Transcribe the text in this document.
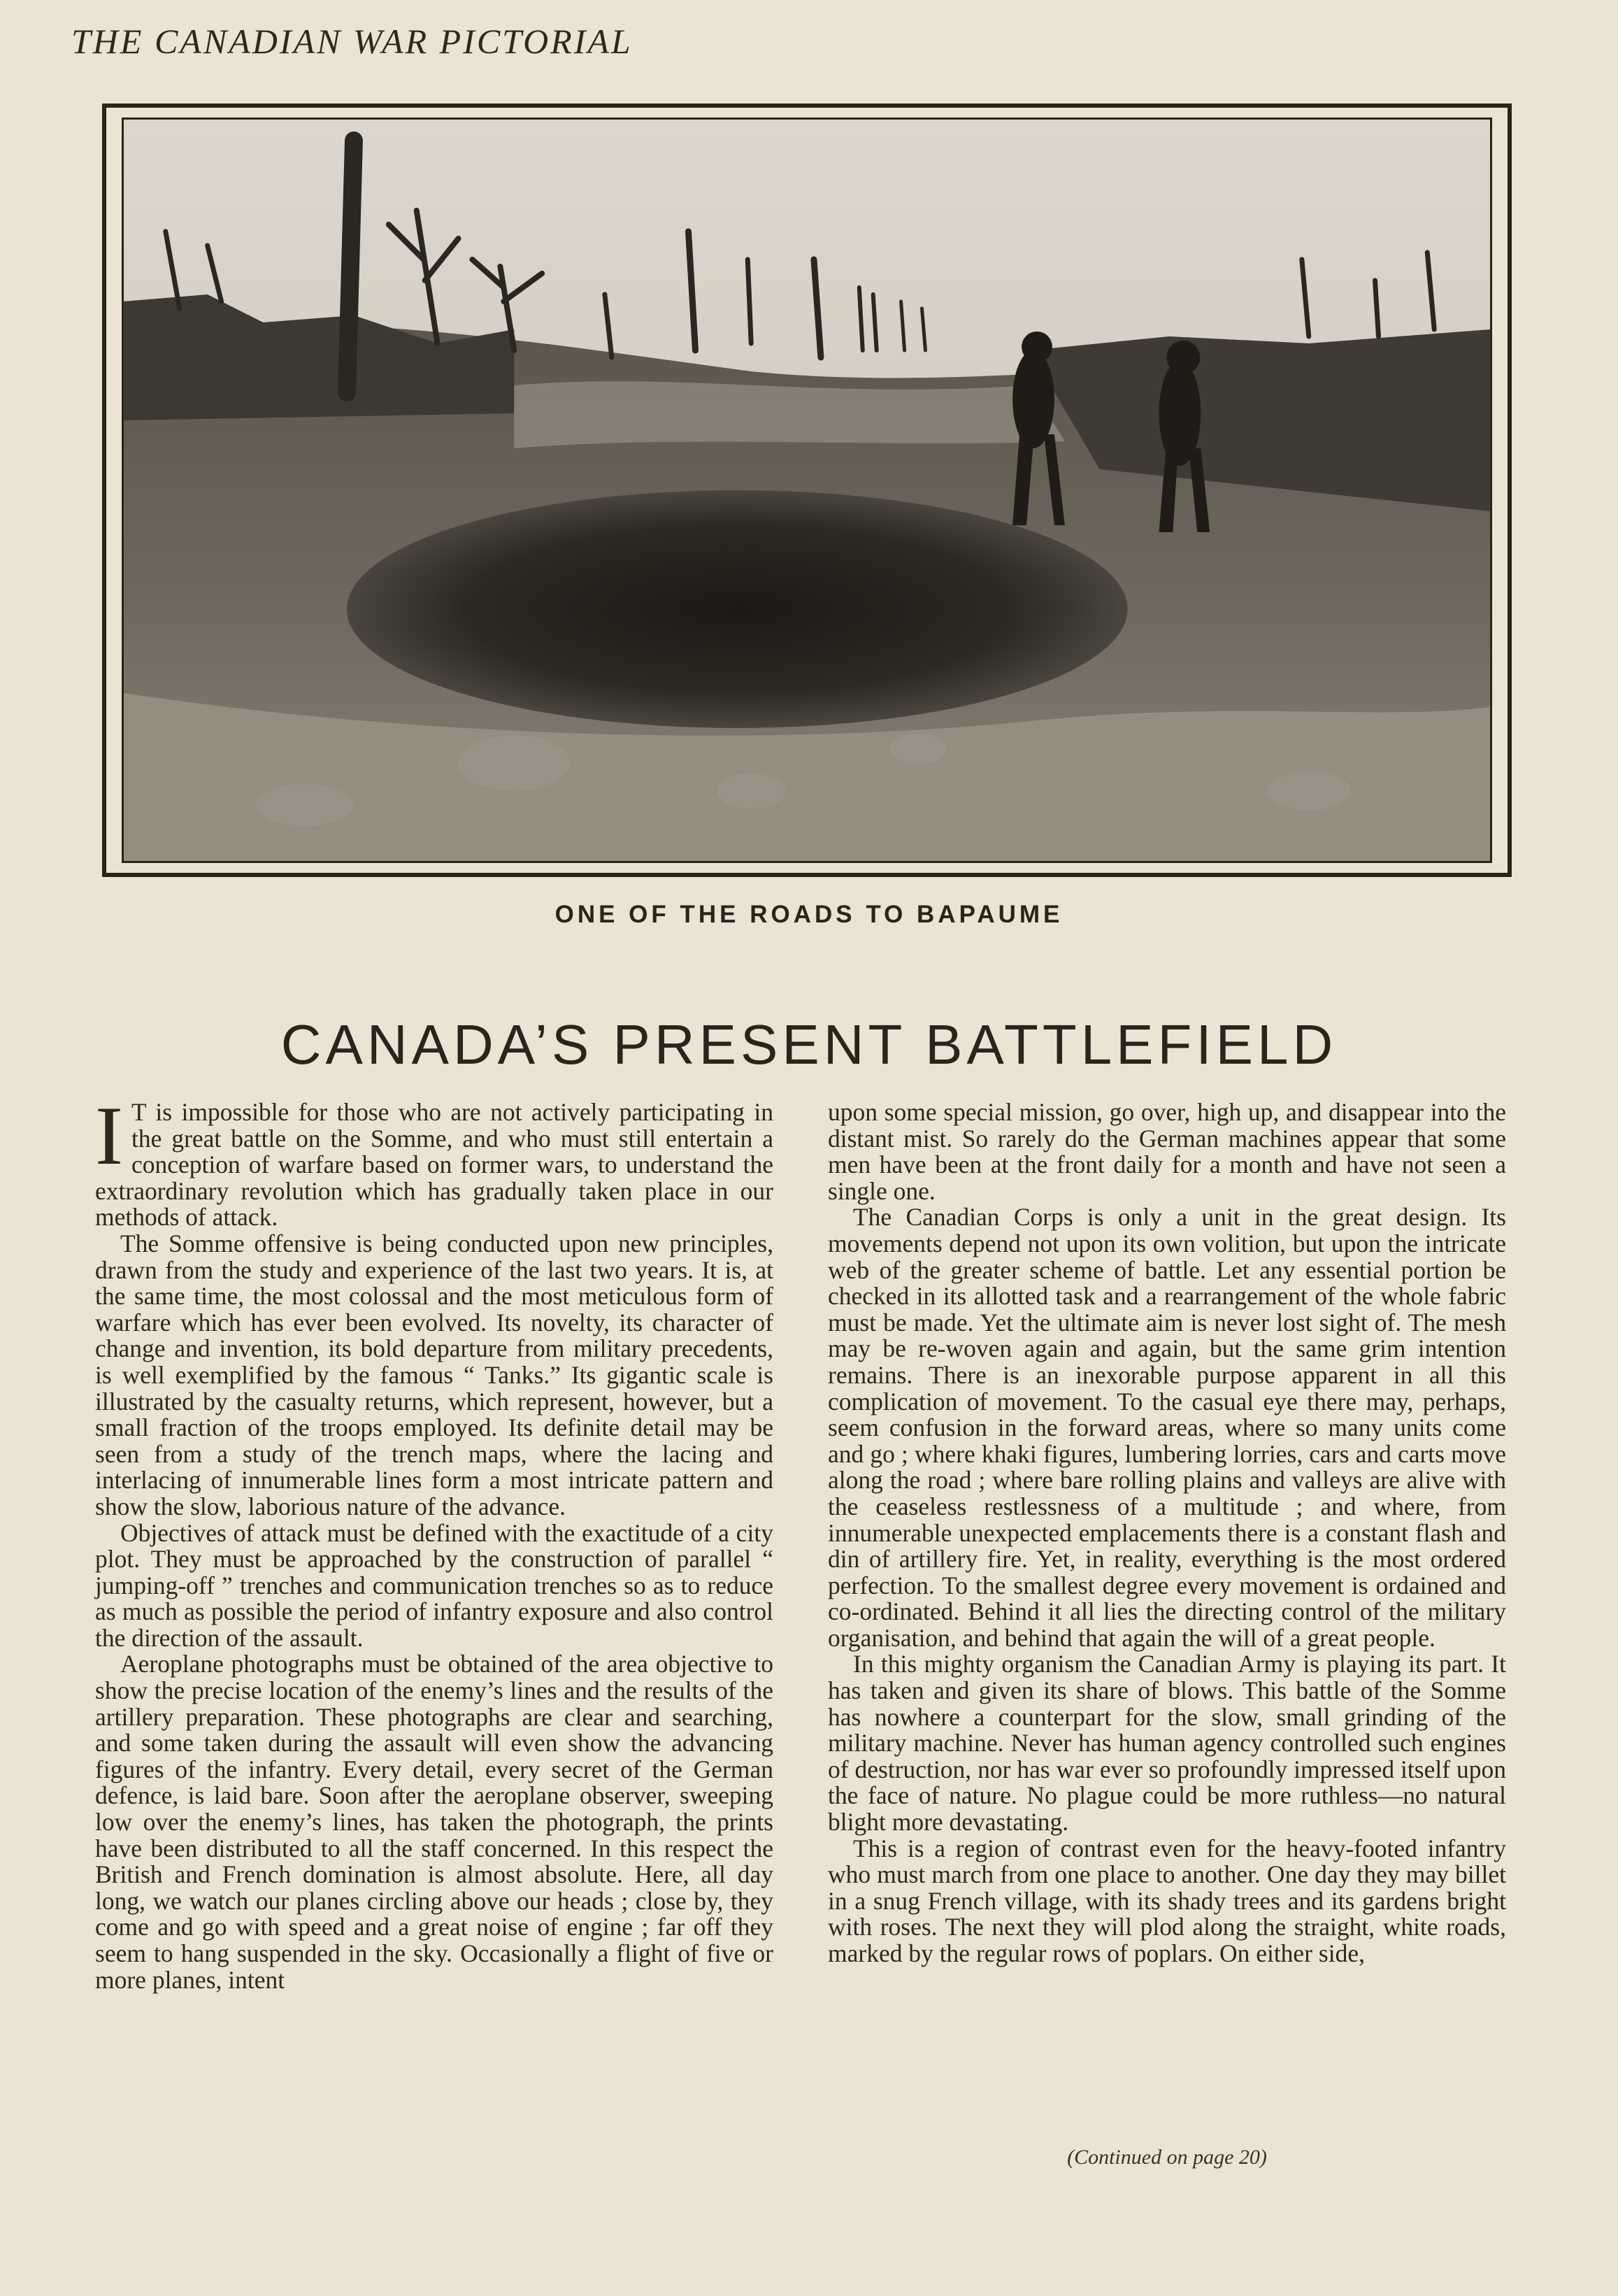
THE CANADIAN WAR PICTORIAL
ONE OF THE ROADS TO BAPAUME
CANADA’S PRESENT BATTLEFIELD

I T is impossible for those who are not actively participating in the great battle on the Somme, and who must still entertain a conception of warfare based on former wars, to understand the extraordinary revolution which has gradually taken place in our methods of attack.

The Somme offensive is being conducted upon new principles, drawn from the study and experience of the last two years. It is, at the same time, the most colossal and the most meticulous form of warfare which has ever been evolved. Its novelty, its character of change and invention, its bold departure from military precedents, is well exemplified by the famous “ Tanks.” Its gigantic scale is illustrated by the casualty returns, which represent, however, but a small fraction of the troops employed. Its definite detail may be seen from a study of the trench maps, where the lacing and interlacing of innumerable lines form a most intricate pattern and show the slow, laborious nature of the advance.

Objectives of attack must be defined with the exactitude of a city plot. They must be approached by the construction of parallel “ jumping-off ” trenches and communication trenches so as to reduce as much as possible the period of infantry exposure and also control the direction of the assault.

Aeroplane photographs must be obtained of the area objective to show the precise location of the enemy’s lines and the results of the artillery preparation. These photographs are clear and searching, and some taken during the assault will even show the advancing figures of the infantry. Every detail, every secret of the German defence, is laid bare. Soon after the aeroplane observer, sweeping low over the enemy’s lines, has taken the photograph, the prints have been distributed to all the staff concerned. In this respect the British and French domination is almost absolute. Here, all day long, we watch our planes circling above our heads ; close by, they come and go with speed and a great noise of engine ; far off they seem to hang suspended in the sky. Occasionally a flight of five or more planes, intent

upon some special mission, go over, high up, and disappear into the distant mist. So rarely do the German machines appear that some men have been at the front daily for a month and have not seen a single one.

The Canadian Corps is only a unit in the great design. Its movements depend not upon its own volition, but upon the intricate web of the greater scheme of battle. Let any essential portion be checked in its allotted task and a rearrangement of the whole fabric must be made. Yet the ultimate aim is never lost sight of. The mesh may be re-woven again and again, but the same grim intention remains. There is an inexorable purpose apparent in all this complication of movement. To the casual eye there may, perhaps, seem confusion in the forward areas, where so many units come and go ; where khaki figures, lumbering lorries, cars and carts move along the road ; where bare rolling plains and valleys are alive with the ceaseless restlessness of a multitude ; and where, from innumerable unexpected emplacements there is a constant flash and din of artillery fire. Yet, in reality, everything is the most ordered perfection. To the smallest degree every movement is ordained and co-ordinated. Behind it all lies the directing control of the military organisation, and behind that again the will of a great people.

In this mighty organism the Canadian Army is playing its part. It has taken and given its share of blows. This battle of the Somme has nowhere a counterpart for the slow, small grinding of the military machine. Never has human agency controlled such engines of destruction, nor has war ever so profoundly impressed itself upon the face of nature. No plague could be more ruthless—no natural blight more devastating.

This is a region of contrast even for the heavy-footed infantry who must march from one place to another. One day they may billet in a snug French village, with its shady trees and its gardens bright with roses. The next they will plod along the straight, white roads, marked by the regular rows of poplars. On either side,

(Continued on page 20)
